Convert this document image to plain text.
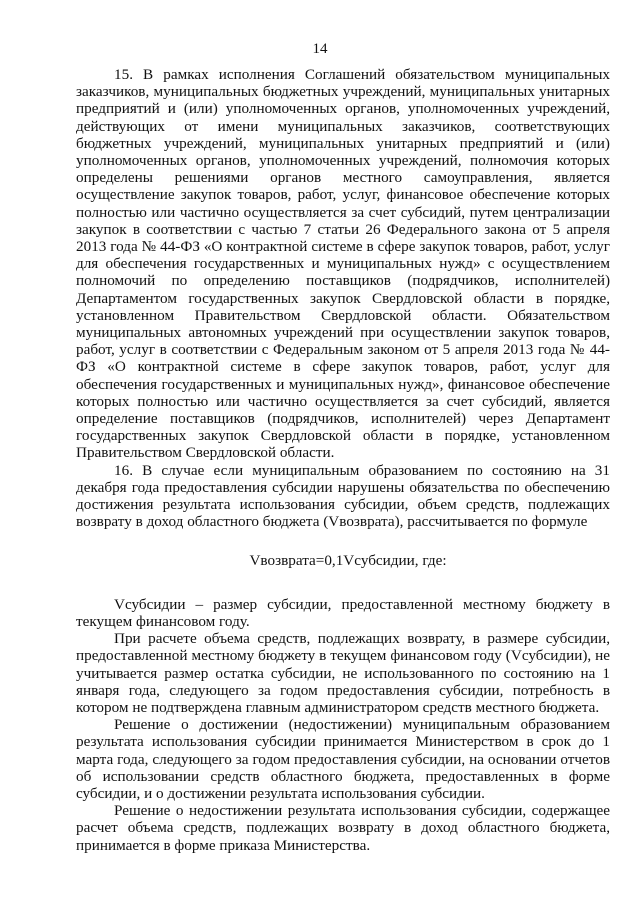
14

15. В рамках исполнения Соглашений обязательством муниципальных заказчиков, муниципальных бюджетных учреждений, муниципальных унитарных предприятий и (или) уполномоченных органов, уполномоченных учреждений, действующих от имени муниципальных заказчиков, соответствующих бюджетных учреждений, муниципальных унитарных предприятий и (или) уполномоченных органов, уполномоченных учреждений, полномочия которых определены решениями органов местного самоуправления, является осуществление закупок товаров, работ, услуг, финансовое обеспечение которых полностью или частично осуществляется за счет субсидий, путем централизации закупок в соответствии с частью 7 статьи 26 Федерального закона от 5 апреля 2013 года № 44-ФЗ «О контрактной системе в сфере закупок товаров, работ, услуг для обеспечения государственных и муниципальных нужд» с осуществлением полномочий по определению поставщиков (подрядчиков, исполнителей) Департаментом государственных закупок Свердловской области в порядке, установленном Правительством Свердловской области. Обязательством муниципальных автономных учреждений при осуществлении закупок товаров, работ, услуг в соответствии с Федеральным законом от 5 апреля 2013 года № 44-ФЗ «О контрактной системе в сфере закупок товаров, работ, услуг для обеспечения государственных и муниципальных нужд», финансовое обеспечение которых полностью или частично осуществляется за счет субсидий, является определение поставщиков (подрядчиков, исполнителей) через Департамент государственных закупок Свердловской области в порядке, установленном Правительством Свердловской области.

16. В случае если муниципальным образованием по состоянию на 31 декабря года предоставления субсидии нарушены обязательства по обеспечению достижения результата использования субсидии, объем средств, подлежащих возврату в доход областного бюджета (Vвозврата), рассчитывается по формуле

Vвозврата=0,1Vсубсидии, где:

Vсубсидии – размер субсидии, предоставленной местному бюджету в текущем финансовом году.

При расчете объема средств, подлежащих возврату, в размере субсидии, предоставленной местному бюджету в текущем финансовом году (Vсубсидии), не учитывается размер остатка субсидии, не использованного по состоянию на 1 января года, следующего за годом предоставления субсидии, потребность в котором не подтверждена главным администратором средств местного бюджета.

Решение о достижении (недостижении) муниципальным образованием результата использования субсидии принимается Министерством в срок до 1 марта года, следующего за годом предоставления субсидии, на основании отчетов об использовании средств областного бюджета, предоставленных в форме субсидии, и о достижении результата использования субсидии.

Решение о недостижении результата использования субсидии, содержащее расчет объема средств, подлежащих возврату в доход областного бюджета, принимается в форме приказа Министерства.
